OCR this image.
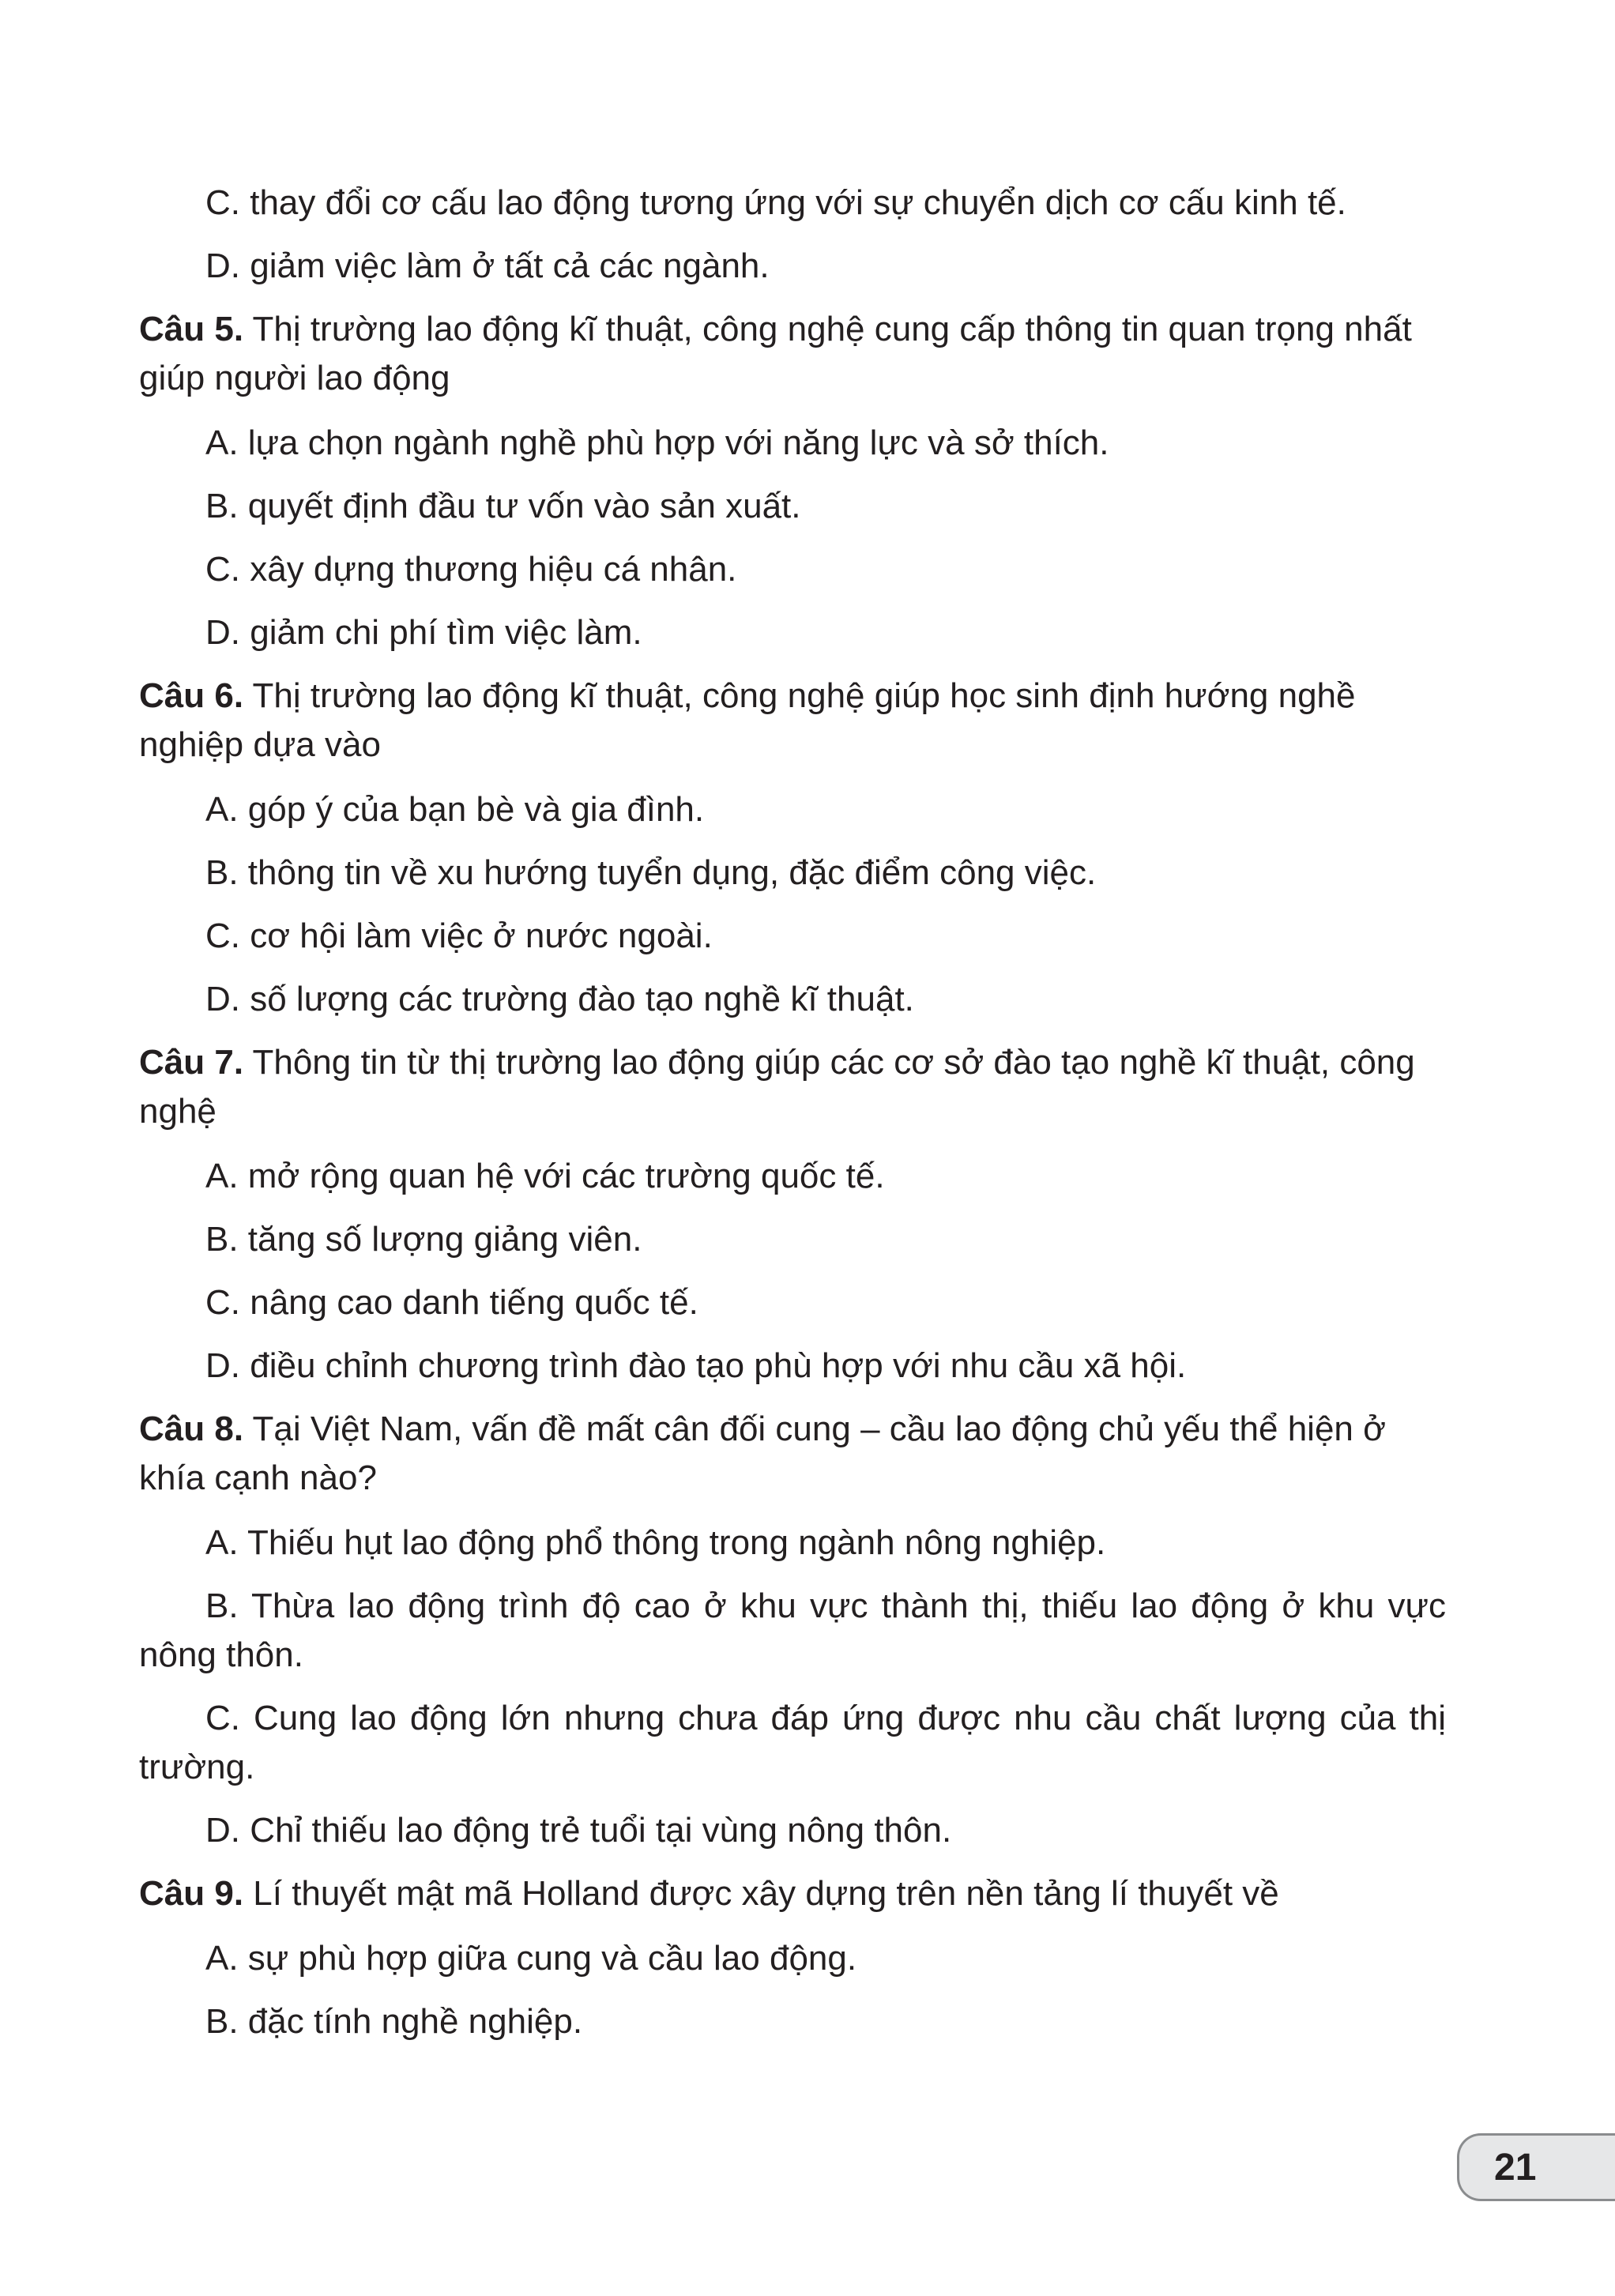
C. thay đổi cơ cấu lao động tương ứng với sự chuyển dịch cơ cấu kinh tế.
D. giảm việc làm ở tất cả các ngành.
Câu 5. Thị trường lao động kĩ thuật, công nghệ cung cấp thông tin quan trọng nhất giúp người lao động
A. lựa chọn ngành nghề phù hợp với năng lực và sở thích.
B. quyết định đầu tư vốn vào sản xuất.
C. xây dựng thương hiệu cá nhân.
D. giảm chi phí tìm việc làm.
Câu 6. Thị trường lao động kĩ thuật, công nghệ giúp học sinh định hướng nghề nghiệp dựa vào
A. góp ý của bạn bè và gia đình.
B. thông tin về xu hướng tuyển dụng, đặc điểm công việc.
C. cơ hội làm việc ở nước ngoài.
D. số lượng các trường đào tạo nghề kĩ thuật.
Câu 7. Thông tin từ thị trường lao động giúp các cơ sở đào tạo nghề kĩ thuật, công nghệ
A. mở rộng quan hệ với các trường quốc tế.
B. tăng số lượng giảng viên.
C. nâng cao danh tiếng quốc tế.
D. điều chỉnh chương trình đào tạo phù hợp với nhu cầu xã hội.
Câu 8. Tại Việt Nam, vấn đề mất cân đối cung – cầu lao động chủ yếu thể hiện ở khía cạnh nào?
A. Thiếu hụt lao động phổ thông trong ngành nông nghiệp.
B. Thừa lao động trình độ cao ở khu vực thành thị, thiếu lao động ở khu vực nông thôn.
C. Cung lao động lớn nhưng chưa đáp ứng được nhu cầu chất lượng của thị trường.
D. Chỉ thiếu lao động trẻ tuổi tại vùng nông thôn.
Câu 9. Lí thuyết mật mã Holland được xây dựng trên nền tảng lí thuyết về
A. sự phù hợp giữa cung và cầu lao động.
B. đặc tính nghề nghiệp.
21
